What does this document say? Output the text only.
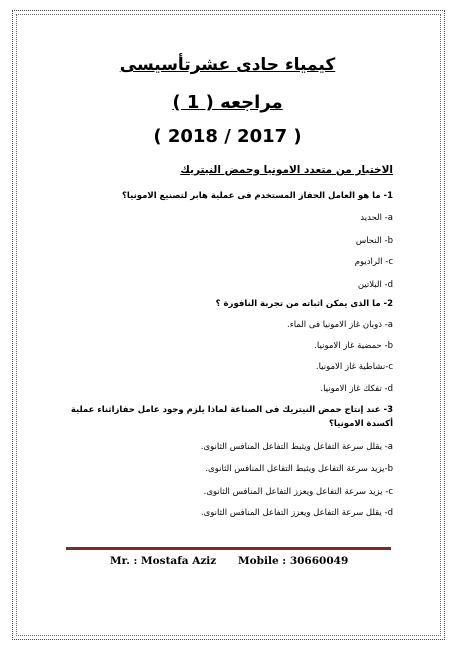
كيمياء حادى عشرتأسيسى
مراجعه ( 1 )
( 2017 / 2018 )
الاختيار من متعدد الامونيا وحمض النيتريك
1- ما هو العامل الحفاز المستخدم فى عملية هابر لتصنيع الامونيا؟
a- الحديد
b- النحاس
c- الراديوم
d- البلاتين
2- ما الذى يمكن اثباته من تجربة النافورة ؟
a- ذوبان غاز الامونيا فى الماء.
b- حمضية غاز الامونيا.
c-نشاطية غاز الامونيا.
d- تفكك غاز الامونيا.
3- عند إنتاج حمض النيتريك فى الصناعة لماذا يلزم وجود عامل حفازاثناء عملية
أكسدة الامونيا؟
a- يقلل سرعة التفاعل ويثبط التفاعل المنافس الثانوى.
b-يزيد سرعة التفاعل ويثبط التفاعل المنافس الثانوى.
c- يزيد سرعة التفاعل ويعزز التفاعل المنافس الثانوى.
d- يقلل سرعة التفاعل ويعزز التفاعل المنافس الثانوى.
Mr. : Mostafa Aziz Mobile : 30660049
